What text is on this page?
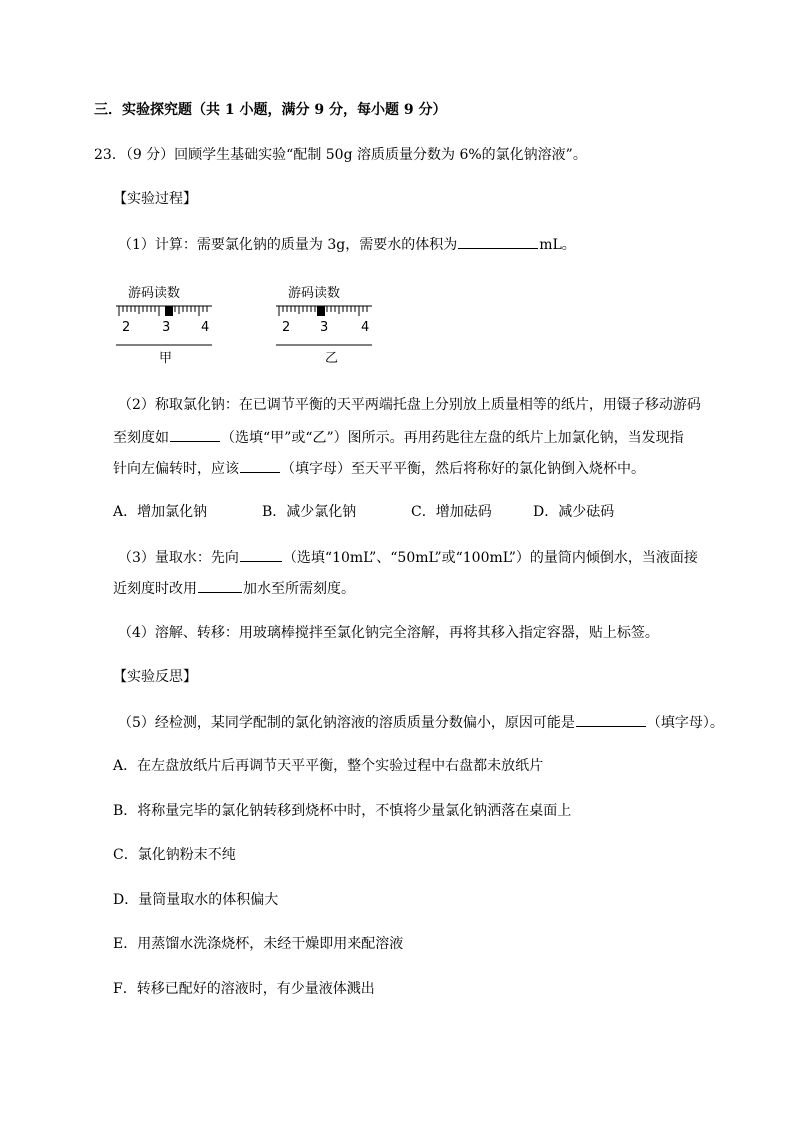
三．实验探究题（共 1 小题，满分 9 分，每小题 9 分）
23．（9 分）回顾学生基础实验“配制 50g 溶质质量分数为 6%的氯化钠溶液”。
【实验过程】
（1）计算：需要氯化钠的质量为 3g，需要水的体积为	mL。
游码读数
2 3 4
甲
游码读数
2 3	4
乙
（2）称取氯化钠：在已调节平衡的天平两端托盘上分别放上质量相等的纸片，用镊子移动游码
至刻度如	（选填“甲”或“乙”）图所示。再用药匙往左盘的纸片上加氯化钠，当发现指
针向左偏转时，应该	（填字母）至天平平衡，然后将称好的氯化钠倒入烧杯中。
A．增加氯化钠	B．减少氯化钠	C．增加砝码	D．减少砝码
（3）量取水：先向	（选填“10mL”、“50mL”或“100mL”）的量筒内倾倒水，当液面接
近刻度时改用	加水至所需刻度。
（4）溶解、转移：用玻璃棒搅拌至氯化钠完全溶解，再将其移入指定容器，贴上标签。
【实验反思】
（5）经检测，某同学配制的氯化钠溶液的溶质质量分数偏小，原因可能是	（填字母）。
A．在左盘放纸片后再调节天平平衡，整个实验过程中右盘都未放纸片
B．将称量完毕的氯化钠转移到烧杯中时，不慎将少量氯化钠洒落在桌面上
C．氯化钠粉末不纯
D．量筒量取水的体积偏大
E．用蒸馏水洗涤烧杯，未经干燥即用来配溶液
F．转移已配好的溶液时，有少量液体溅出
